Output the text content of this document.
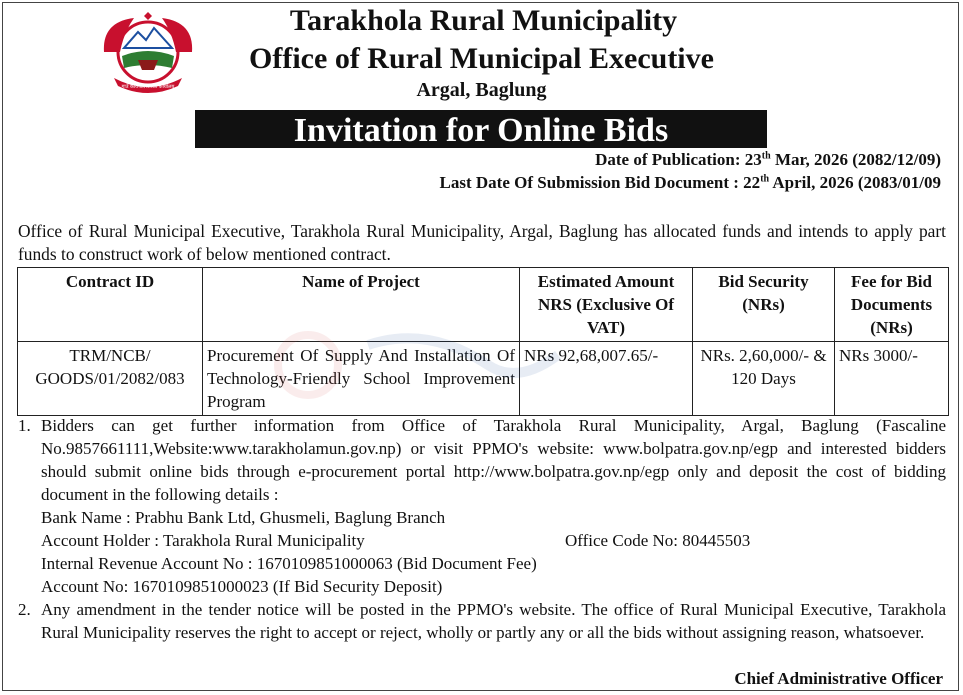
गाउँ कार्यपालिकाको कार्यालय
Tarakhola Rural Municipality
Office of Rural Municipal Executive
Argal, Baglung
Invitation for Online Bids
Date of Publication: 23th Mar, 2026 (2082/12/09)
Last Date Of Submission Bid Document : 22th April, 2026 (2083/01/09
Office of Rural Municipal Executive, Tarakhola Rural Municipality, Argal, Baglung has allocated funds and intends to apply part funds to construct work of below mentioned contract.
Contract ID	Name of Project	Estimated Amount NRS (Exclusive Of VAT)	Bid Security (NRs)	Fee for Bid Documents (NRs)
TRM/NCB/ GOODS/01/2082/083	Procurement Of Supply And Installation Of Technology-Friendly School Improvement Program	NRs 92,68,007.65/-	NRs. 2,60,000/- & 120 Days	NRs 3000/-
1. Bidders can get further information from Office of Tarakhola Rural Municipality, Argal, Baglung (Fascaline No.9857661111,Website:www.tarakholamun.gov.np) or visit PPMO's website: www.bolpatra.gov.np/egp and interested bidders should submit online bids through e-procurement portal http://www.bolpatra.gov.np/egp only and deposit the cost of bidding document in the following details :
Bank Name : Prabhu Bank Ltd, Ghusmeli, Baglung Branch
Account Holder : Tarakhola Rural Municipality	Office Code No: 80445503
Internal Revenue Account No : 1670109851000063 (Bid Document Fee)
Account No: 1670109851000023 (If Bid Security Deposit)
2. Any amendment in the tender notice will be posted in the PPMO's website. The office of Rural Municipal Executive, Tarakhola Rural Municipality reserves the right to accept or reject, wholly or partly any or all the bids without assigning reason, whatsoever.
Chief Administrative Officer
